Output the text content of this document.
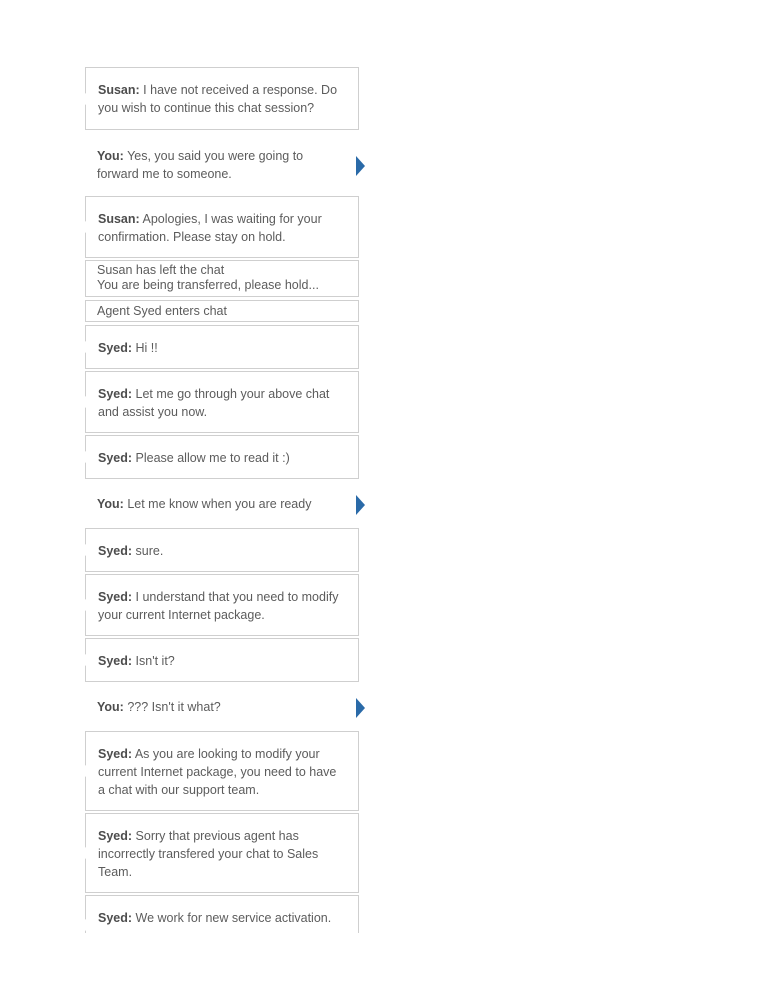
Susan: I have not received a response. Do you wish to continue this chat session?
You: Yes, you said you were going to forward me to someone.
Susan: Apologies, I was waiting for your confirmation. Please stay on hold.
Susan has left the chat
You are being transferred, please hold...
Agent Syed enters chat
Syed: Hi !!
Syed: Let me go through your above chat and assist you now.
Syed: Please allow me to read it :)
You: Let me know when you are ready
Syed: sure.
Syed: I understand that you need to modify your current Internet package.
Syed: Isn't it?
You: ??? Isn't it what?
Syed: As you are looking to modify your current Internet package, you need to have a chat with our support team.
Syed: Sorry that previous agent has incorrectly transfered your chat to Sales Team.
Syed: We work for new service activation.
